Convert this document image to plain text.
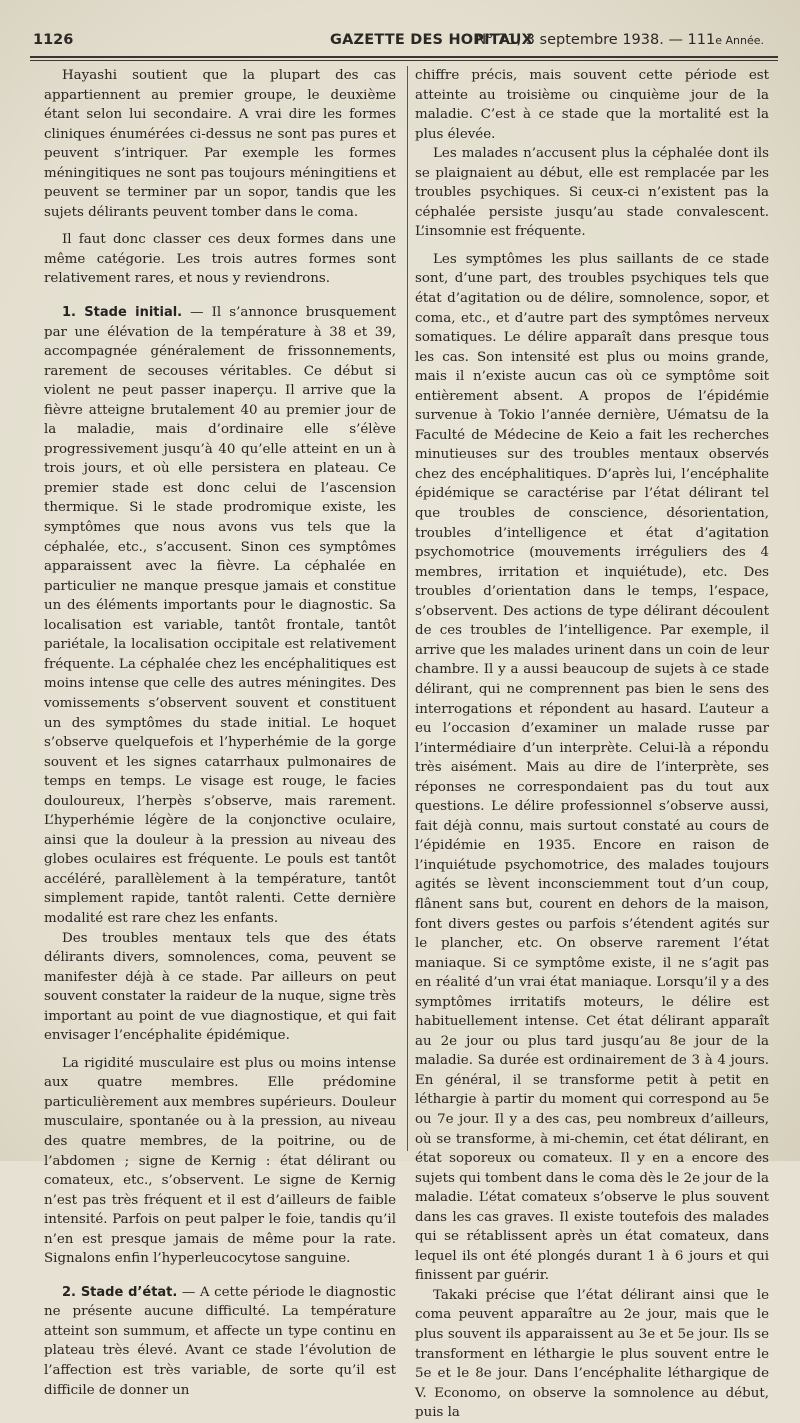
1126	GAZETTE DES HOPITAUX
N° 71, 3 septembre 1938. — 111e Année.

Hayashi soutient que la plupart des cas appartiennent au premier groupe, le deuxième étant selon lui secondaire. A vrai dire les formes cliniques énumérées ci-dessus ne sont pas pures et peuvent s’intriquer. Par exemple les formes méningitiques ne sont pas toujours méningitiens et peuvent se terminer par un sopor, tandis que les sujets délirants peuvent tomber dans le coma.

Il faut donc classer ces deux formes dans une même catégorie. Les trois autres formes sont relativement rares, et nous y reviendrons.

1. Stade initial. — Il s’annonce brusquement par une élévation de la température à 38 et 39, accompagnée généralement de frissonnements, rarement de secouses véritables. Ce début si violent ne peut passer inaperçu. Il arrive que la fièvre atteigne brutalement 40 au premier jour de la maladie, mais d’ordinaire elle s’élève progressivement jusqu’à 40 qu’elle atteint en un à trois jours, et où elle persistera en plateau. Ce premier stade est donc celui de l’ascension thermique. Si le stade prodromique existe, les symptômes que nous avons vus tels que la céphalée, etc., s’accusent. Sinon ces symptômes apparaissent avec la fièvre. La céphalée en particulier ne manque presque jamais et constitue un des éléments importants pour le diagnostic. Sa localisation est variable, tantôt frontale, tantôt pariétale, la localisation occipitale est relativement fréquente. La céphalée chez les encéphalitiques est moins intense que celle des autres méningites. Des vomissements s’observent souvent et constituent un des symptômes du stade initial. Le hoquet s’observe quelquefois et l’hyperhémie de la gorge souvent et les signes catarrhaux pulmonaires de temps en temps. Le visage est rouge, le facies douloureux, l’herpès s’observe, mais rarement. L’hyperhémie légère de la conjonctive oculaire, ainsi que la douleur à la pression au niveau des globes oculaires est fréquente. Le pouls est tantôt accéléré, parallèlement à la température, tantôt simplement rapide, tantôt ralenti. Cette dernière modalité est rare chez les enfants.

Des troubles mentaux tels que des états délirants divers, somnolences, coma, peuvent se manifester déjà à ce stade. Par ailleurs on peut souvent constater la raideur de la nuque, signe très important au point de vue diagnostique, et qui fait envisager l’encéphalite épidémique.

La rigidité musculaire est plus ou moins intense aux quatre membres. Elle prédomine particulièrement aux membres supérieurs. Douleur musculaire, spontanée ou à la pression, au niveau des quatre membres, de la poitrine, ou de l’abdomen ; signe de Kernig : état délirant ou comateux, etc., s’observent. Le signe de Kernig n’est pas très fréquent et il est d’ailleurs de faible intensité. Parfois on peut palper le foie, tandis qu’il n’en est presque jamais de même pour la rate. Signalons enfin l’hyperleucocytose sanguine.

2. Stade d’état. — A cette période le diagnostic ne présente aucune difficulté. La température atteint son summum, et affecte un type continu en plateau très élevé. Avant ce stade l’évolution de l’affection est très variable, de sorte qu’il est difficile de donner un

chiffre précis, mais souvent cette période est atteinte au troisième ou cinquième jour de la maladie. C’est à ce stade que la mortalité est la plus élevée.

Les malades n’accusent plus la céphalée dont ils se plaignaient au début, elle est remplacée par les troubles psychiques. Si ceux-ci n’existent pas la céphalée persiste jusqu’au stade convalescent. L’insomnie est fréquente.

Les symptômes les plus saillants de ce stade sont, d’une part, des troubles psychiques tels que état d’agitation ou de délire, somnolence, sopor, et coma, etc., et d’autre part des symptômes nerveux somatiques. Le délire apparaît dans presque tous les cas. Son intensité est plus ou moins grande, mais il n’existe aucun cas où ce symptôme soit entièrement absent. A propos de l’épidémie survenue à Tokio l’année dernière, Uématsu de la Faculté de Médecine de Keio a fait les recherches minutieuses sur des troubles mentaux observés chez des encéphalitiques. D’après lui, l’encéphalite épidémique se caractérise par l’état délirant tel que troubles de conscience, désorientation, troubles d’intelligence et état d’agitation psychomotrice (mouvements irréguliers des 4 membres, irritation et inquiétude), etc. Des troubles d’orientation dans le temps, l’espace, s’observent. Des actions de type délirant découlent de ces troubles de l’intelligence. Par exemple, il arrive que les malades urinent dans un coin de leur chambre. Il y a aussi beaucoup de sujets à ce stade délirant, qui ne comprennent pas bien le sens des interrogations et répondent au hasard. L’auteur a eu l’occasion d’examiner un malade russe par l’intermédiaire d’un interprète. Celui-là a répondu très aisément. Mais au dire de l’interprète, ses réponses ne correspondaient pas du tout aux questions. Le délire professionnel s’observe aussi, fait déjà connu, mais surtout constaté au cours de l’épidémie en 1935. Encore en raison de l’inquiétude psychomotrice, des malades toujours agités se lèvent inconsciemment tout d’un coup, flânent sans but, courent en dehors de la maison, font divers gestes ou parfois s’étendent agités sur le plancher, etc. On observe rarement l’état maniaque. Si ce symptôme existe, il ne s’agit pas en réalité d’un vrai état maniaque. Lorsqu’il y a des symptômes irritatifs moteurs, le délire est habituellement intense. Cet état délirant apparaît au 2e jour ou plus tard jusqu’au 8e jour de la maladie. Sa durée est ordinairement de 3 à 4 jours. En général, il se transforme petit à petit en léthargie à partir du moment qui correspond au 5e ou 7e jour. Il y a des cas, peu nombreux d’ailleurs, où se transforme, à mi-chemin, cet état délirant, en état soporeux ou comateux. Il y en a encore des sujets qui tombent dans le coma dès le 2e jour de la maladie. L’état comateux s’observe le plus souvent dans les cas graves. Il existe toutefois des malades qui se rétablissent après un état comateux, dans lequel ils ont été plongés durant 1 à 6 jours et qui finissent par guérir.

Takaki précise que l’état délirant ainsi que le coma peuvent apparaître au 2e jour, mais que le plus souvent ils apparaissent au 3e et 5e jour. Ils se transforment en léthargie le plus souvent entre le 5e et le 8e jour. Dans l’encéphalite léthargique de V. Economo, on observe la somnolence au début, puis la
